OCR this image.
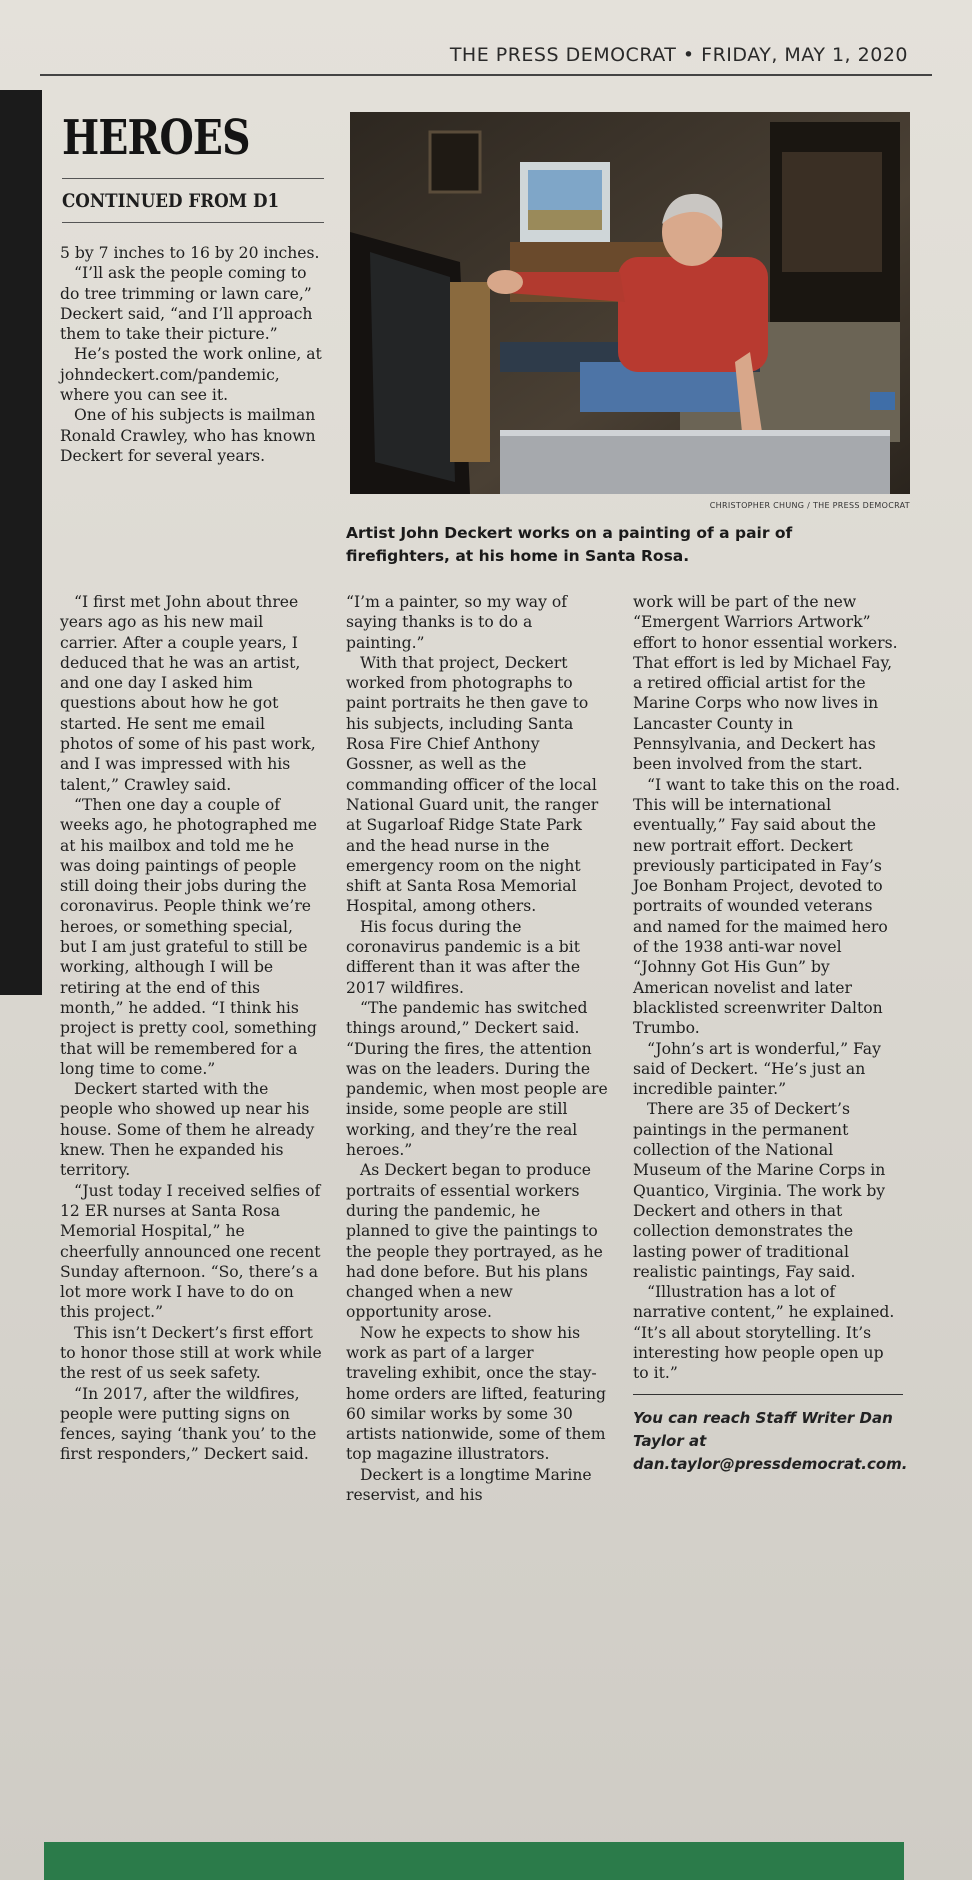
THE PRESS DEMOCRAT • FRIDAY, MAY 1, 2020
HEROES
CONTINUED FROM D1
CHRISTOPHER CHUNG / THE PRESS DEMOCRAT
Artist John Deckert works on a painting of a pair of firefighters, at his home in Santa Rosa.

5 by 7 inches to 16 by 20 inches.

“I’ll ask the people coming to do tree trimming or lawn care,” Deckert said, “and I’ll approach them to take their picture.”

He’s posted the work online, at johndeckert.com/pandemic, where you can see it.

One of his subjects is mailman Ronald Crawley, who has known Deckert for several years.

“I first met John about three years ago as his new mail carrier. After a couple years, I deduced that he was an artist, and one day I asked him questions about how he got started. He sent me email photos of some of his past work, and I was impressed with his talent,” Crawley said.

“Then one day a couple of weeks ago, he photographed me at his mailbox and told me he was doing paintings of people still doing their jobs during the coronavirus. People think we’re heroes, or something special, but I am just grateful to still be working, although I will be retiring at the end of this month,” he added. “I think his project is pretty cool, something that will be remembered for a long time to come.”

Deckert started with the people who showed up near his house. Some of them he already knew. Then he expanded his territory.

“Just today I received selfies of 12 ER nurses at Santa Rosa Memorial Hospital,” he cheerfully announced one recent Sunday afternoon. “So, there’s a lot more work I have to do on this project.”

This isn’t Deckert’s first effort to honor those still at work while the rest of us seek safety.

“In 2017, after the wildfires, people were putting signs on fences, saying ‘thank you’ to the first responders,” Deckert said.

“I’m a painter, so my way of saying thanks is to do a painting.”

With that project, Deckert worked from photographs to paint portraits he then gave to his subjects, including Santa Rosa Fire Chief Anthony Gossner, as well as the commanding officer of the local National Guard unit, the ranger at Sugarloaf Ridge State Park and the head nurse in the emergency room on the night shift at Santa Rosa Memorial Hospital, among others.

His focus during the coronavirus pandemic is a bit different than it was after the 2017 wildfires.

“The pandemic has switched things around,” Deckert said. “During the fires, the attention was on the leaders. During the pandemic, when most people are inside, some people are still working, and they’re the real heroes.”

As Deckert began to produce portraits of essential workers during the pandemic, he planned to give the paintings to the people they portrayed, as he had done before. But his plans changed when a new opportunity arose.

Now he expects to show his work as part of a larger traveling exhibit, once the stay-home orders are lifted, featuring 60 similar works by some 30 artists nationwide, some of them top magazine illustrators.

Deckert is a longtime Marine reservist, and his

work will be part of the new “Emergent Warriors Artwork” effort to honor essential workers. That effort is led by Michael Fay, a retired official artist for the Marine Corps who now lives in Lancaster County in Pennsylvania, and Deckert has been involved from the start.

“I want to take this on the road. This will be international eventually,” Fay said about the new portrait effort. Deckert previously participated in Fay’s Joe Bonham Project, devoted to portraits of wounded veterans and named for the maimed hero of the 1938 anti-war novel “Johnny Got His Gun” by American novelist and later blacklisted screenwriter Dalton Trumbo.

“John’s art is wonderful,” Fay said of Deckert. “He’s just an incredible painter.”

There are 35 of Deckert’s paintings in the permanent collection of the National Museum of the Marine Corps in Quantico, Virginia. The work by Deckert and others in that collection demonstrates the lasting power of traditional realistic paintings, Fay said.

“Illustration has a lot of narrative content,” he explained. “It’s all about storytelling. It’s interesting how people open up to it.”

You can reach Staff Writer Dan Taylor at dan.taylor@pressdemocrat.com.
